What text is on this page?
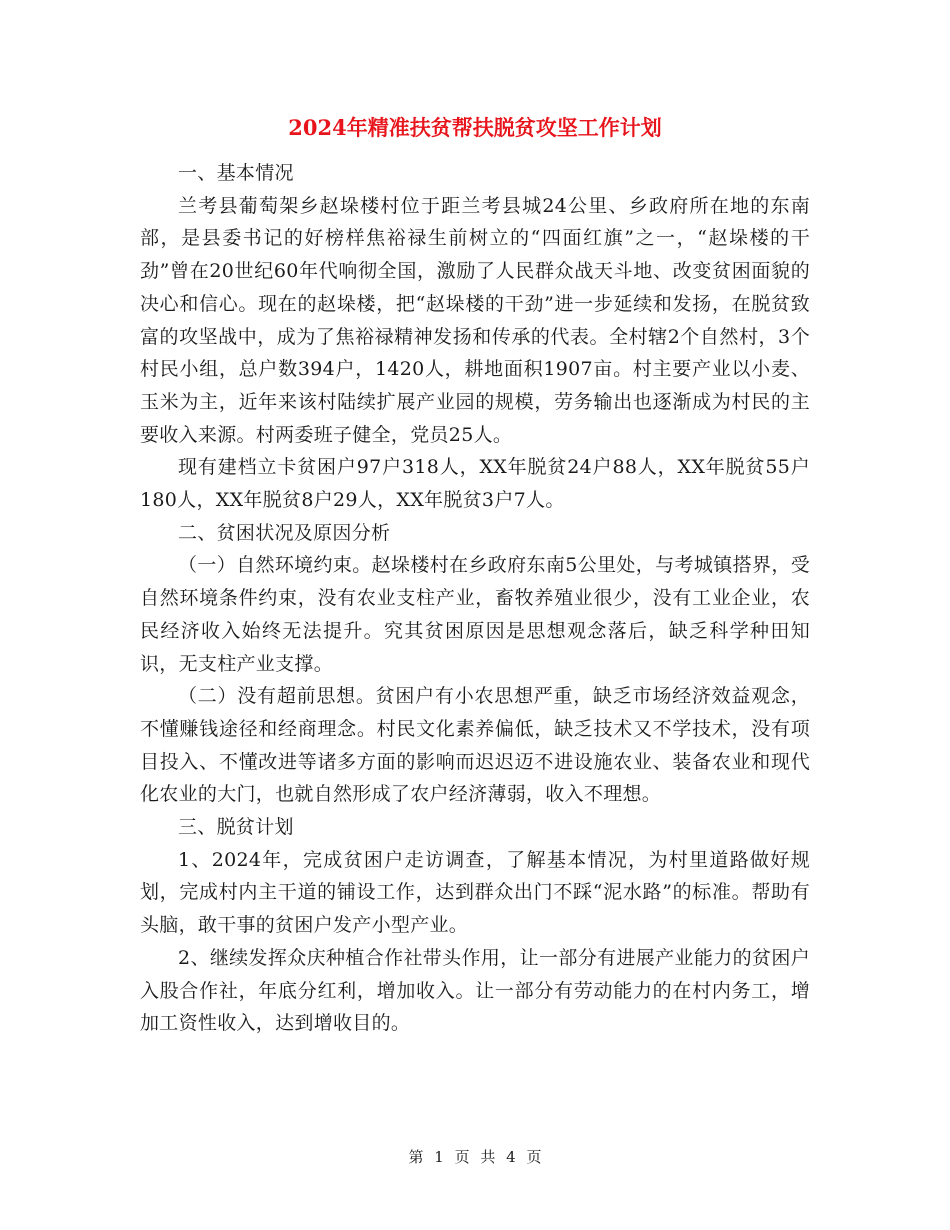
2024年精准扶贫帮扶脱贫攻坚工作计划

一、基本情况

兰考县葡萄架乡赵垛楼村位于距兰考县城24公里、乡政府所在地的东南部，是县委书记的好榜样焦裕禄生前树立的“四面红旗”之一，“赵垛楼的干劲”曾在20世纪60年代响彻全国，激励了人民群众战天斗地、改变贫困面貌的决心和信心。现在的赵垛楼，把“赵垛楼的干劲”进一步延续和发扬，在脱贫致富的攻坚战中，成为了焦裕禄精神发扬和传承的代表。全村辖2个自然村，3个村民小组，总户数394户，1420人，耕地面积1907亩。村主要产业以小麦、玉米为主，近年来该村陆续扩展产业园的规模，劳务输出也逐渐成为村民的主要收入来源。村两委班子健全，党员25人。

现有建档立卡贫困户97户318人，XX年脱贫24户88人，XX年脱贫55户180人，XX年脱贫8户29人，XX年脱贫3户7人。

二、贫困状况及原因分析

（一）自然环境约束。赵垛楼村在乡政府东南5公里处，与考城镇搭界，受自然环境条件约束，没有农业支柱产业，畜牧养殖业很少，没有工业企业，农民经济收入始终无法提升。究其贫困原因是思想观念落后，缺乏科学种田知识，无支柱产业支撑。

（二）没有超前思想。贫困户有小农思想严重，缺乏市场经济效益观念，不懂赚钱途径和经商理念。村民文化素养偏低，缺乏技术又不学技术，没有项目投入、不懂改进等诸多方面的影响而迟迟迈不进设施农业、装备农业和现代化农业的大门，也就自然形成了农户经济薄弱，收入不理想。

三、脱贫计划

1、2024年，完成贫困户走访调查，了解基本情况，为村里道路做好规划，完成村内主干道的铺设工作，达到群众出门不踩“泥水路”的标准。帮助有头脑，敢干事的贫困户发产小型产业。

2、继续发挥众庆种植合作社带头作用，让一部分有进展产业能力的贫困户入股合作社，年底分红利，增加收入。让一部分有劳动能力的在村内务工，增加工资性收入，达到增收目的。

第 1 页 共 4 页
